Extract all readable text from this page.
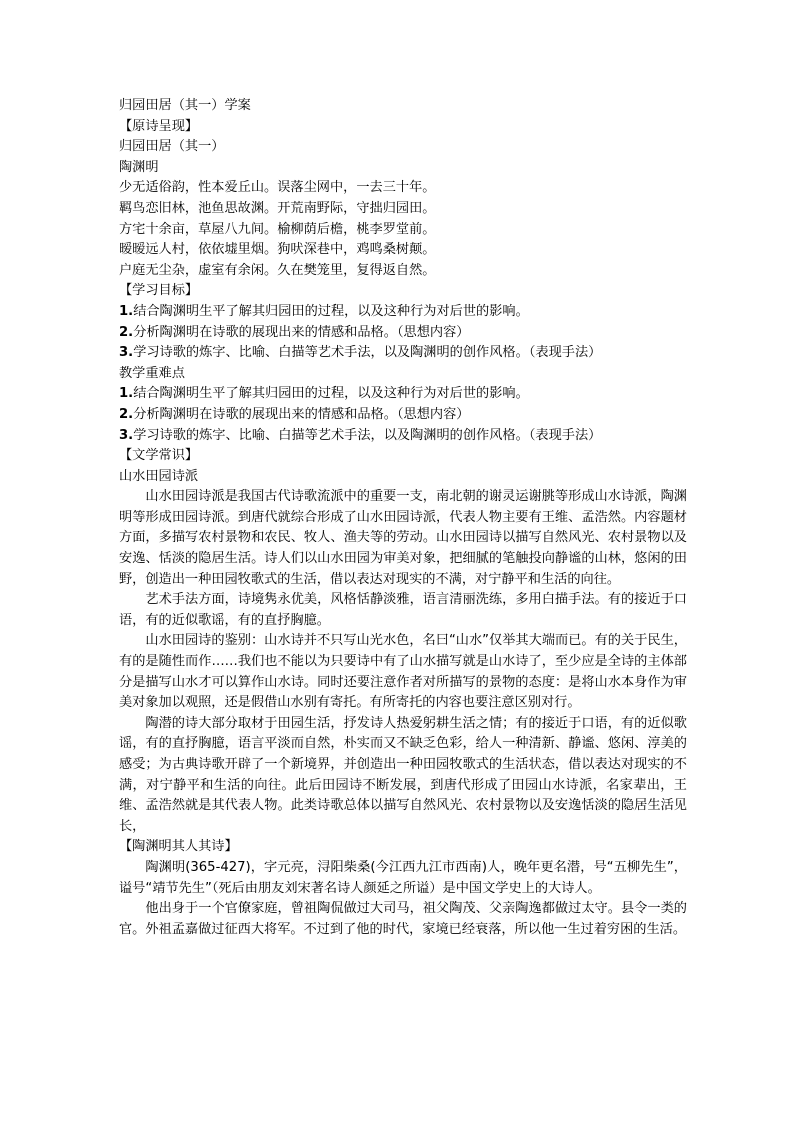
归园田居（其一）学案
【原诗呈现】
归园田居（其一）
陶渊明
少无适俗韵，性本爱丘山。误落尘网中，一去三十年。
羁鸟恋旧林，池鱼思故渊。开荒南野际，守拙归园田。
方宅十余亩，草屋八九间。榆柳荫后檐，桃李罗堂前。
暧暧远人村，依依墟里烟。狗吠深巷中，鸡鸣桑树颠。
户庭无尘杂，虚室有余闲。久在樊笼里，复得返自然。
【学习目标】
1.结合陶渊明生平了解其归园田的过程，以及这种行为对后世的影响。
2.分析陶渊明在诗歌的展现出来的情感和品格。（思想内容）
3.学习诗歌的炼字、比喻、白描等艺术手法，以及陶渊明的创作风格。（表现手法）
教学重难点
1.结合陶渊明生平了解其归园田的过程，以及这种行为对后世的影响。
2.分析陶渊明在诗歌的展现出来的情感和品格。（思想内容）
3.学习诗歌的炼字、比喻、白描等艺术手法，以及陶渊明的创作风格。（表现手法）
【文学常识】
山水田园诗派
山水田园诗派是我国古代诗歌流派中的重要一支，南北朝的谢灵运谢朓等形成山水诗派，陶渊明等形成田园诗派。到唐代就综合形成了山水田园诗派，代表人物主要有王维、孟浩然。内容题材方面，多描写农村景物和农民、牧人、渔夫等的劳动。山水田园诗以描写自然风光、农村景物以及安逸、恬淡的隐居生活。诗人们以山水田园为审美对象，把细腻的笔触投向静谧的山林，悠闲的田野，创造出一种田园牧歌式的生活，借以表达对现实的不满，对宁静平和生活的向往。
艺术手法方面，诗境隽永优美，风格恬静淡雅，语言清丽洗练，多用白描手法。有的接近于口语，有的近似歌谣，有的直抒胸臆。
山水田园诗的鉴别：山水诗并不只写山光水色，名曰“山水”仅举其大端而已。有的关于民生，有的是随性而作……我们也不能以为只要诗中有了山水描写就是山水诗了，至少应是全诗的主体部分是描写山水才可以算作山水诗。同时还要注意作者对所描写的景物的态度：是将山水本身作为审美对象加以观照，还是假借山水别有寄托。有所寄托的内容也要注意区别对行。
陶潜的诗大部分取材于田园生活，抒发诗人热爱躬耕生活之情；有的接近于口语，有的近似歌谣，有的直抒胸臆，语言平淡而自然，朴实而又不缺乏色彩，给人一种清新、静谧、悠闲、淳美的感受；为古典诗歌开辟了一个新境界，并创造出一种田园牧歌式的生活状态，借以表达对现实的不满，对宁静平和生活的向往。此后田园诗不断发展，到唐代形成了田园山水诗派，名家辈出，王维、孟浩然就是其代表人物。此类诗歌总体以描写自然风光、农村景物以及安逸恬淡的隐居生活见长，
【陶渊明其人其诗】
陶渊明(365-427)，字元亮，浔阳柴桑(今江西九江市西南)人，晚年更名潜，号“五柳先生”，谥号“靖节先生”（死后由朋友刘宋著名诗人颜延之所谥）是中国文学史上的大诗人。
他出身于一个官僚家庭，曾祖陶侃做过大司马，祖父陶茂、父亲陶逸都做过太守。县令一类的官。外祖孟嘉做过征西大将军。不过到了他的时代，家境已经衰落，所以他一生过着穷困的生活。
